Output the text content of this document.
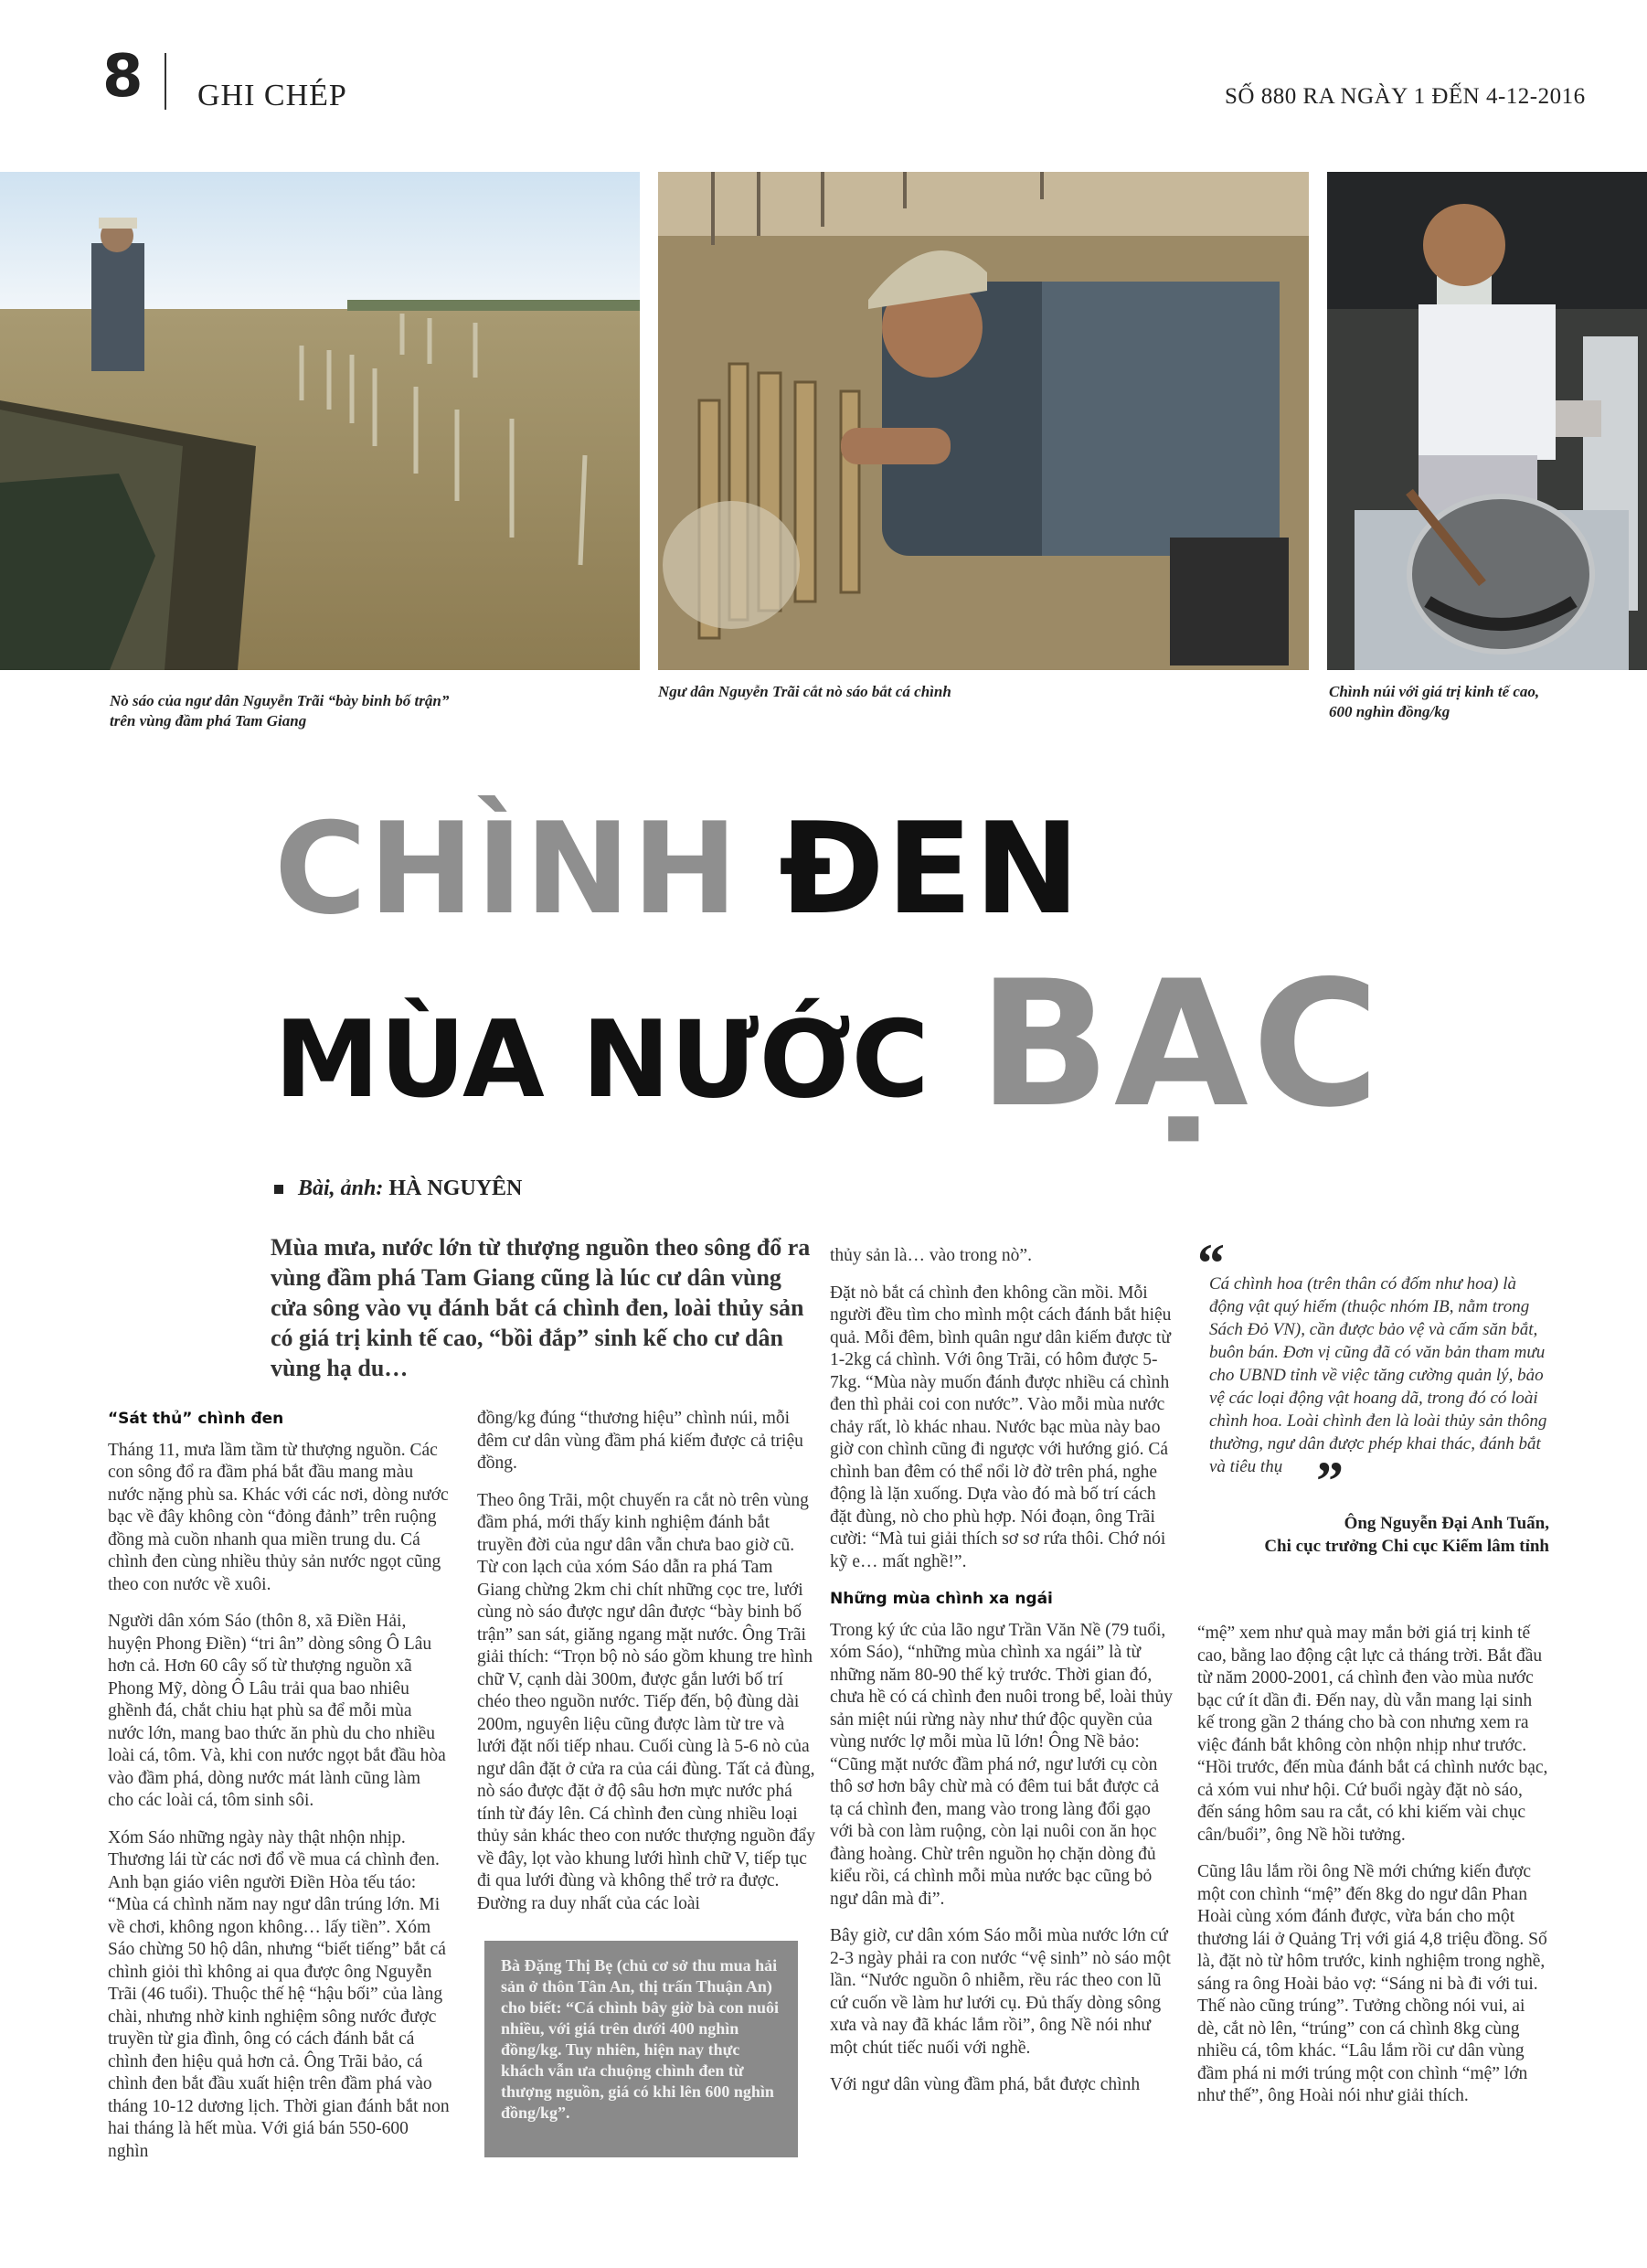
8 GHI CHÉP	SỐ 880 RA NGÀY 1 ĐẾN 4-12-2016
Nò sáo của ngư dân Nguyễn Trãi “bày binh bố trận”
trên vùng đầm phá Tam Giang
Ngư dân Nguyễn Trãi cắt nò sáo bắt cá chình	Chình núi với giá trị kinh tế cao,
600 nghìn đồng/kg
CHÌNH ĐEN
MÙA NƯỚC BẠC
Bài, ảnh: HÀ NGUYÊN
Mùa mưa, nước lớn từ thượng nguồn theo sông đổ ra vùng đầm phá Tam Giang cũng là lúc cư dân vùng cửa sông vào vụ đánh bắt cá chình đen, loài thủy sản có giá trị kinh tế cao, “bồi đắp” sinh kế cho cư dân vùng hạ du…
“Sát thủ” chình đen

Tháng 11, mưa lầm tầm từ thượng nguồn. Các con sông đổ ra đầm phá bắt đầu mang màu nước nặng phù sa. Khác với các nơi, dòng nước bạc về đây không còn “đỏng đảnh” trên ruộng đồng mà cuồn nhanh qua miền trung du. Cá chình đen cùng nhiều thủy sản nước ngọt cũng theo con nước về xuôi.

Người dân xóm Sáo (thôn 8, xã Điền Hải, huyện Phong Điền) “tri ân” dòng sông Ô Lâu hơn cả. Hơn 60 cây số từ thượng nguồn xã Phong Mỹ, dòng Ô Lâu trải qua bao nhiêu ghềnh đá, chắt chiu hạt phù sa để mỗi mùa nước lớn, mang bao thức ăn phù du cho nhiều loài cá, tôm. Và, khi con nước ngọt bắt đầu hòa vào đầm phá, dòng nước mát lành cũng làm cho các loài cá, tôm sinh sôi.

Xóm Sáo những ngày này thật nhộn nhịp. Thương lái từ các nơi đổ về mua cá chình đen. Anh bạn giáo viên người Điền Hòa tếu táo: “Mùa cá chình năm nay ngư dân trúng lớn. Mi về chơi, không ngon không… lấy tiền”. Xóm Sáo chừng 50 hộ dân, nhưng “biết tiếng” bắt cá chình giỏi thì không ai qua được ông Nguyễn Trãi (46 tuổi). Thuộc thế hệ “hậu bối” của làng chài, nhưng nhờ kinh nghiệm sông nước được truyền từ gia đình, ông có cách đánh bắt cá chình đen hiệu quả hơn cả. Ông Trãi bảo, cá chình đen bắt đầu xuất hiện trên đầm phá vào tháng 10-12 dương lịch. Thời gian đánh bắt non hai tháng là hết mùa. Với giá bán 550-600 nghìn

đồng/kg đúng “thương hiệu” chình núi, mỗi đêm cư dân vùng đầm phá kiếm được cả triệu đồng.

Theo ông Trãi, một chuyến ra cắt nò trên vùng đầm phá, mới thấy kinh nghiệm đánh bắt truyền đời của ngư dân vẫn chưa bao giờ cũ. Từ con lạch của xóm Sáo dẫn ra phá Tam Giang chừng 2km chi chít những cọc tre, lưới cùng nò sáo được ngư dân được “bày binh bố trận” san sát, giăng ngang mặt nước. Ông Trãi giải thích: “Trọn bộ nò sáo gồm khung tre hình chữ V, cạnh dài 300m, được gắn lưới bố trí chéo theo nguồn nước. Tiếp đến, bộ đùng dài 200m, nguyên liệu cũng được làm từ tre và lưới đặt nối tiếp nhau. Cuối cùng là 5-6 nò của ngư dân đặt ở cửa ra của cái đùng. Tất cả đùng, nò sáo được đặt ở độ sâu hơn mực nước phá tính từ đáy lên. Cá chình đen cùng nhiều loại thủy sản khác theo con nước thượng nguồn đẩy về đây, lọt vào khung lưới hình chữ V, tiếp tục đi qua lưới đùng và không thể trở ra được. Đường ra duy nhất của các loài

Bà Đặng Thị Bẹ (chủ cơ sở thu mua hải sản ở thôn Tân An, thị trấn Thuận An) cho biết: “Cá chình bây giờ bà con nuôi nhiều, với giá trên dưới 400 nghìn đồng/kg. Tuy nhiên, hiện nay thực khách vẫn ưa chuộng chình đen từ thượng nguồn, giá có khi lên 600 nghìn đồng/kg”.

thủy sản là… vào trong nò”.

Đặt nò bắt cá chình đen không cần mồi. Mỗi người đều tìm cho mình một cách đánh bắt hiệu quả. Mỗi đêm, bình quân ngư dân kiếm được từ 1-2kg cá chình. Với ông Trãi, có hôm được 5-7kg. “Mùa này muốn đánh được nhiều cá chình đen thì phải coi con nước”. Vào mỗi mùa nước chảy rất, lò khác nhau. Nước bạc mùa này bao giờ con chình cũng đi ngược với hướng gió. Cá chình ban đêm có thể nổi lờ đờ trên phá, nghe động là lặn xuống. Dựa vào đó mà bố trí cách đặt đùng, nò cho phù hợp. Nói đoạn, ông Trãi cười: “Mà tui giải thích sơ sơ rứa thôi. Chớ nói kỹ e… mất nghề!”.

Những mùa chình xa ngái

Trong ký ức của lão ngư Trần Văn Nề (79 tuổi, xóm Sáo), “những mùa chình xa ngái” là từ những năm 80-90 thế kỷ trước. Thời gian đó, chưa hề có cá chình đen nuôi trong bể, loài thủy sản miệt núi rừng này như thứ độc quyền của vùng nước lợ mỗi mùa lũ lớn! Ông Nề bảo: “Cũng mặt nước đầm phá nớ, ngư lưới cụ còn thô sơ hơn bây chừ mà có đêm tui bắt được cả tạ cá chình đen, mang vào trong làng đổi gạo với bà con làm ruộng, còn lại nuôi con ăn học đàng hoàng. Chừ trên nguồn họ chặn dòng đủ kiểu rồi, cá chình mỗi mùa nước bạc cũng bỏ ngư dân mà đi”.

Bây giờ, cư dân xóm Sáo mỗi mùa nước lớn cứ 2-3 ngày phải ra con nước “vệ sinh” nò sáo một lần. “Nước nguồn ô nhiễm, rều rác theo con lũ cứ cuốn về làm hư lưới cụ. Đủ thấy dòng sông xưa và nay đã khác lắm rồi”, ông Nề nói như một chút tiếc nuối với nghề.

Với ngư dân vùng đầm phá, bắt được chình

“
Cá chình hoa (trên thân có đốm như hoa) là động vật quý hiếm (thuộc nhóm IB, nằm trong Sách Đỏ VN), cần được bảo vệ và cấm săn bắt, buôn bán. Đơn vị cũng đã có văn bản tham mưu cho UBND tỉnh về việc tăng cường quản lý, bảo vệ các loại động vật hoang dã, trong đó có loài chình hoa. Loài chình đen là loài thủy sản thông thường, ngư dân được phép khai thác, đánh bắt và tiêu thụ ”
Ông Nguyễn Đại Anh Tuấn,
Chi cục trưởng Chi cục Kiểm lâm tỉnh

“mệ” xem như quà may mắn bởi giá trị kinh tế cao, bằng lao động cật lực cả tháng trời. Bắt đầu từ năm 2000-2001, cá chình đen vào mùa nước bạc cứ ít dần đi. Đến nay, dù vẫn mang lại sinh kế trong gần 2 tháng cho bà con nhưng xem ra việc đánh bắt không còn nhộn nhịp như trước. “Hồi trước, đến mùa đánh bắt cá chình nước bạc, cả xóm vui như hội. Cứ buổi ngày đặt nò sáo, đến sáng hôm sau ra cắt, có khi kiếm vài chục cân/buổi”, ông Nề hồi tưởng.

Cũng lâu lắm rồi ông Nề mới chứng kiến được một con chình “mệ” đến 8kg do ngư dân Phan Hoài cùng xóm đánh được, vừa bán cho một thương lái ở Quảng Trị với giá 4,8 triệu đồng. Số là, đặt nò từ hôm trước, kinh nghiệm trong nghề, sáng ra ông Hoài bảo vợ: “Sáng ni bà đi với tui. Thế nào cũng trúng”. Tưởng chồng nói vui, ai dè, cắt nò lên, “trúng” con cá chình 8kg cùng nhiều cá, tôm khác. “Lâu lắm rồi cư dân vùng đầm phá ni mới trúng một con chình “mệ” lớn như thế”, ông Hoài nói như giải thích.
